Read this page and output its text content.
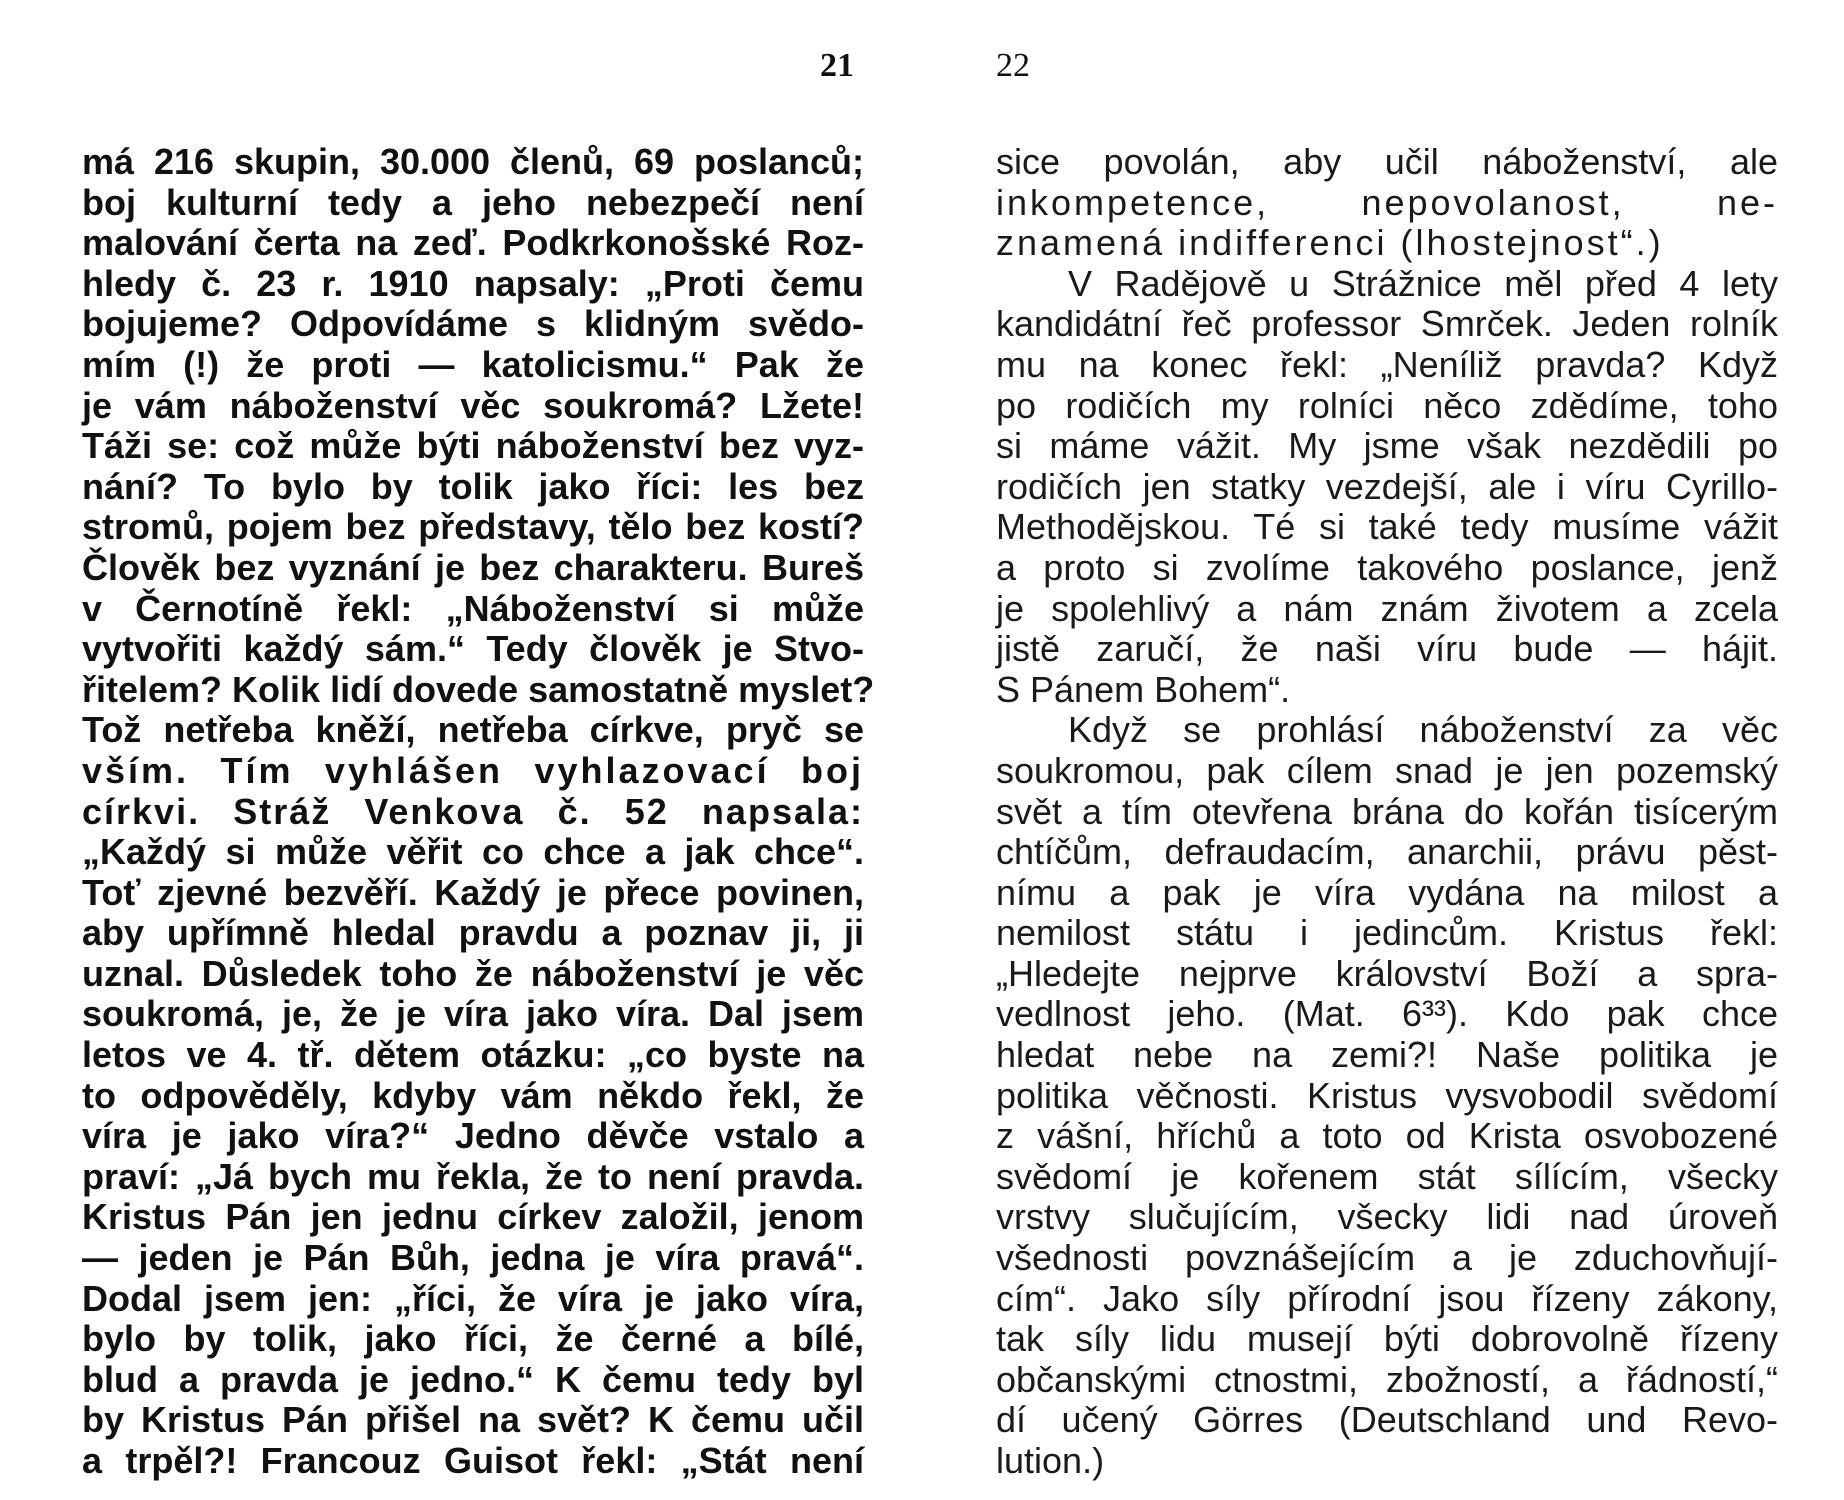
21
má 216 skupin, 30.000 členů, 69 poslanců;
boj kulturní tedy a jeho nebezpečí není
malování čerta na zeď. Podkrkonošské Roz-
hledy č. 23 r. 1910 napsaly: „Proti čemu
bojujeme? Odpovídáme s klidným svědo-
mím (!) že proti — katolicismu.“ Pak že
je vám náboženství věc soukromá? Lžete!
Táži se: což může býti náboženství bez vyz-
nání? To bylo by tolik jako říci: les bez
stromů, pojem bez představy, tělo bez kostí?
Člověk bez vyznání je bez charakteru. Bureš
v Černotíně řekl: „Náboženství si může
vytvořiti každý sám.“ Tedy člověk je Stvo-
řitelem? Kolik lidí dovede samostatně myslet?
Tož netřeba kněží, netřeba církve, pryč se
vším. Tím vyhlášen vyhlazovací boj
církvi. Stráž Venkova č. 52 napsala:
„Každý si může věřit co chce a jak chce“.
Toť zjevné bezvěří. Každý je přece povinen,
aby upřímně hledal pravdu a poznav ji, ji
uznal. Důsledek toho že náboženství je věc
soukromá, je, že je víra jako víra. Dal jsem
letos ve 4. tř. dětem otázku: „co byste na
to odpověděly, kdyby vám někdo řekl, že
víra je jako víra?“ Jedno děvče vstalo a
praví: „Já bych mu řekla, že to není pravda.
Kristus Pán jen jednu církev založil, jenom
— jeden je Pán Bůh, jedna je víra pravá“.
Dodal jsem jen: „říci, že víra je jako víra,
bylo by tolik, jako říci, že černé a bílé,
blud a pravda je jedno.“ K čemu tedy byl
by Kristus Pán přišel na svět? K čemu učil
a trpěl?! Francouz Guisot řekl: „Stát není
22
sice povolán, aby učil náboženství, ale
inkompetence, nepovolanost, ne-
znamená indifferenci (lhostejnost“.)
V Radějově u Strážnice měl před 4 lety
kandidátní řeč professor Smrček. Jeden rolník
mu na konec řekl: „Neníliž pravda? Když
po rodičích my rolníci něco zdědíme, toho
si máme vážit. My jsme však nezdědili po
rodičích jen statky vezdejší, ale i víru Cyrillo-
Methodějskou. Té si také tedy musíme vážit
a proto si zvolíme takového poslance, jenž
je spolehlivý a nám znám životem a zcela
jistě zaručí, že naši víru bude — hájit.
S Pánem Bohem“.
Když se prohlásí náboženství za věc
soukromou, pak cílem snad je jen pozemský
svět a tím otevřena brána do kořán tisícerým
chtíčům, defraudacím, anarchii, právu pěst-
nímu a pak je víra vydána na milost a
nemilost státu i jedincům. Kristus řekl:
„Hledejte nejprve království Boží a spra-
vedlnost jeho. (Mat. 6³³). Kdo pak chce
hledat nebe na zemi?! Naše politika je
politika věčnosti. Kristus vysvobodil svědomí
z vášní, hříchů a toto od Krista osvobozené
svědomí je kořenem stát sílícím, všecky
vrstvy slučujícím, všecky lidi nad úroveň
všednosti povznášejícím a je zduchovňují-
cím“. Jako síly přírodní jsou řízeny zákony,
tak síly lidu musejí býti dobrovolně řízeny
občanskými ctnostmi, zbožností, a řádností,“
dí učený Görres (Deutschland und Revo-
lution.)
